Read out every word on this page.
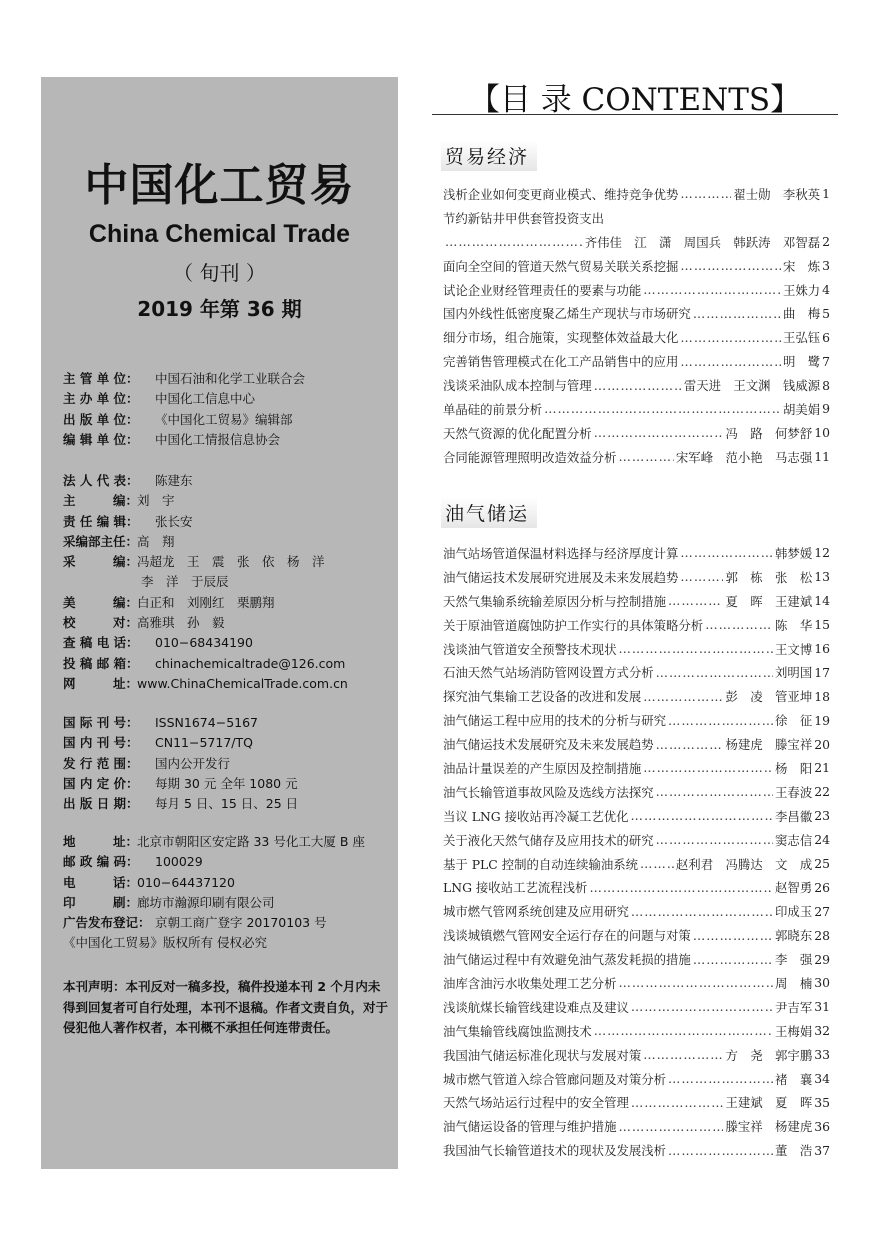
中国化工贸易
China Chemical Trade
（ 旬刊 ）
2019 年第 36 期
主 管 单 位： 中国石油和化学工业联合会
主 办 单 位： 中国化工信息中心
出 版 单 位： 《中国化工贸易》编辑部
编 辑 单 位： 中国化工情报信息协会
法 人 代 表： 陈建东
主　　　编：刘　宇
责 任 编 辑： 张长安
采编部主任：高　翔
采　　　编：冯超龙　王　震　张　依　杨　洋
李　洋　于辰辰
美　　　编：白正和　刘刚红　栗鹏翔
校　　　对：高雅琪　孙　毅
查 稿 电 话： 010−68434190
投 稿 邮 箱： chinachemicaltrade@126.com
网　　　址：www.ChinaChemicalTrade.com.cn
国 际 刊 号： ISSN1674−5167
国 内 刊 号： CN11−5717/TQ
发 行 范 围： 国内公开发行
国 内 定 价： 每期 30 元 全年 1080 元
出 版 日 期： 每月 5 日、15 日、25 日
地　　　址：北京市朝阳区安定路 33 号化工大厦 B 座
邮 政 编 码： 100029
电　　　话：010−64437120
印　　　刷：廊坊市瀚源印刷有限公司
广告发布登记： 京朝工商广登字 20170103 号
《中国化工贸易》版权所有 侵权必究
本刊声明：本刊反对一稿多投，稿件投递本刊 2 个月内未得到回复者可自行处理，本刊不退稿。作者文责自负，对于侵犯他人著作权者，本刊概不承担任何连带责任。
【目 录 CONTENTS】
贸易经济
浅析企业如何变更商业模式、维持竞争优势 ……………………………………………………………………………………………………	翟士勋　李秋英 1
节约新钻井甲供套管投资支出
……………………………………………………………………………………………………
齐伟佳　江　潇　周国兵　韩跃涛　邓智磊 2
面向全空间的管道天然气贸易关联关系挖掘 ……………………………………………………………………………………………………	宋　炼 3
试论企业财经管理责任的要素与功能 ……………………………………………………………………………………………………	王姝力 4
国内外线性低密度聚乙烯生产现状与市场研究 ……………………………………………………………………………………………………	曲　梅 5
细分市场，组合施策，实现整体效益最大化 ……………………………………………………………………………………………………	王弘钰 6
完善销售管理模式在化工产品销售中的应用 ……………………………………………………………………………………………………	明　鹭 7
浅谈采油队成本控制与管理 ……………………………………………………………………………………………………	雷天进　王文渊　钱威源 8
单晶硅的前景分析 ……………………………………………………………………………………………………	胡美娟 9
天然气资源的优化配置分析 ……………………………………………………………………………………………………	冯　路　何梦舒 10
合同能源管理照明改造效益分析 ……………………………………………………………………………………………………	宋军峰　范小艳　马志强 11
油气储运
油气站场管道保温材料选择与经济厚度计算 ……………………………………………………………………………………………………	韩梦媛 12
油气储运技术发展研究进展及未来发展趋势 ……………………………………………………………………………………………………	郭　栋　张　松 13
天然气集输系统输差原因分析与控制措施 ……………………………………………………………………………………………………	夏　晖　王建斌 14
关于原油管道腐蚀防护工作实行的具体策略分析 ……………………………………………………………………………………………………	陈　华 15
浅谈油气管道安全预警技术现状 ……………………………………………………………………………………………………	王文博 16
石油天然气站场消防管网设置方式分析 ……………………………………………………………………………………………………	刘明国 17
探究油气集输工艺设备的改进和发展 ……………………………………………………………………………………………………	彭　凌　管亚坤 18
油气储运工程中应用的技术的分析与研究 ……………………………………………………………………………………………………	徐　征 19
油气储运技术发展研究及未来发展趋势 ……………………………………………………………………………………………………	杨建虎　滕宝祥 20
油品计量误差的产生原因及控制措施 ……………………………………………………………………………………………………	杨　阳 21
油气长输管道事故风险及选线方法探究 ……………………………………………………………………………………………………	王春波 22
当议 LNG 接收站再冷凝工艺优化 ……………………………………………………………………………………………………	李昌徽 23
关于液化天然气储存及应用技术的研究 ……………………………………………………………………………………………………	窦志信 24
基于 PLC 控制的自动连续输油系统 ……………………………………………………………………………………………………	赵利君　冯腾达　文　成 25
LNG 接收站工艺流程浅析 ……………………………………………………………………………………………………	赵智勇 26
城市燃气管网系统创建及应用研究 ……………………………………………………………………………………………………	印成玉 27
浅谈城镇燃气管网安全运行存在的问题与对策 ……………………………………………………………………………………………………	郭晓东 28
油气储运过程中有效避免油气蒸发耗损的措施 ……………………………………………………………………………………………………	李　强 29
油库含油污水收集处理工艺分析 ……………………………………………………………………………………………………	周　楠 30
浅谈航煤长输管线建设难点及建议 ……………………………………………………………………………………………………	尹吉军 31
油气集输管线腐蚀监测技术 ……………………………………………………………………………………………………	王梅娟 32
我国油气储运标准化现状与发展对策 ……………………………………………………………………………………………………	方　尧　郭宇鹏 33
城市燃气管道入综合管廊问题及对策分析 ……………………………………………………………………………………………………	褚　襄 34
天然气场站运行过程中的安全管理 ……………………………………………………………………………………………………	王建斌　夏　晖 35
油气储运设备的管理与维护措施 ……………………………………………………………………………………………………	滕宝祥　杨建虎 36
我国油气长输管道技术的现状及发展浅析 ……………………………………………………………………………………………………	董　浩 37
